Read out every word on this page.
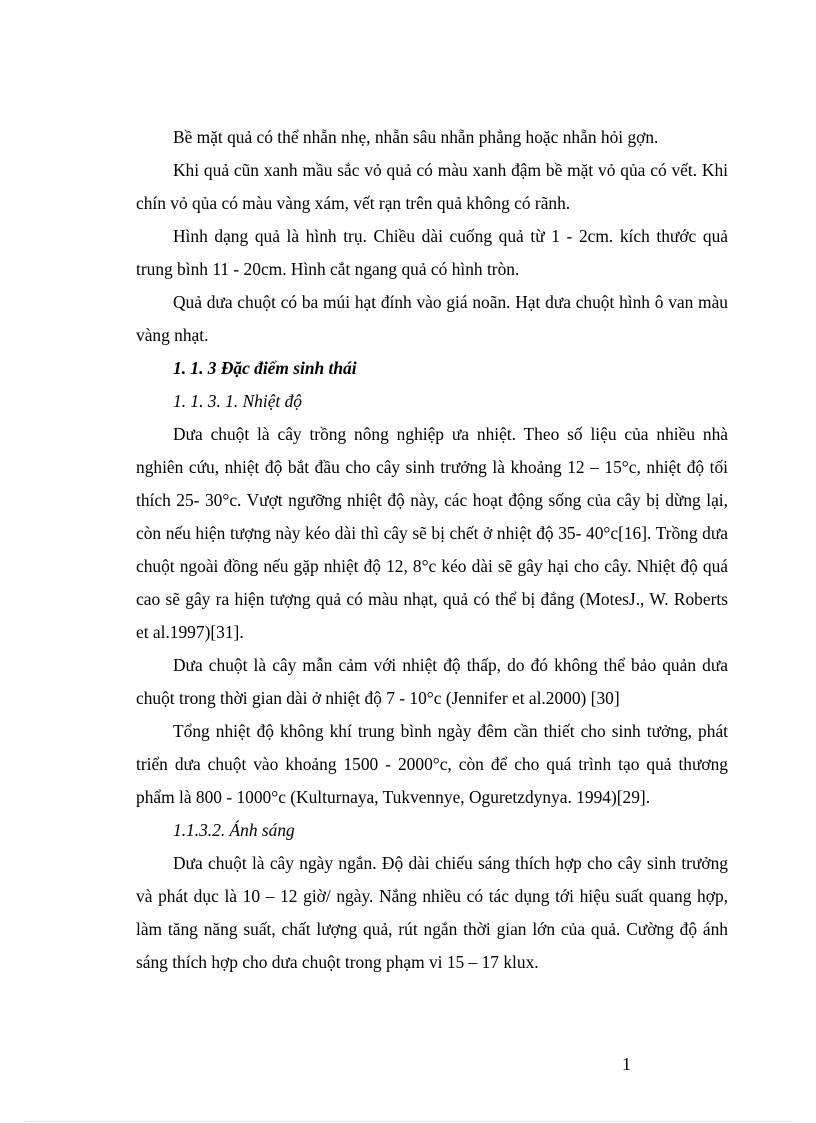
Bề mặt quả có thể nhẵn nhẹ, nhẵn sâu nhẵn phẳng hoặc nhẵn hỏi gợn.

Khi quả cũn xanh mầu sắc vỏ quả có màu xanh đậm bề mặt vỏ qủa có vết. Khi chín vỏ qủa có màu vàng xám, vết rạn trên quả không có rãnh.

Hình dạng quả là hình trụ. Chiều dài cuống quả từ 1 - 2cm. kích thước quả trung bình 11 - 20cm. Hình cắt ngang quả có hình tròn.

Quả dưa chuột có ba múi hạt đính vào giá noãn. Hạt dưa chuột hình ô van màu vàng nhạt.

1. 1. 3 Đặc điểm sinh thái

1. 1. 3. 1. Nhiệt độ

Dưa chuột là cây trồng nông nghiệp ưa nhiệt. Theo số liệu của nhiều nhà nghiên cứu, nhiệt độ bắt đầu cho cây sinh trưởng là khoảng 12 – 15°c, nhiệt độ tối thích 25- 30°c. Vượt ngưỡng nhiệt độ này, các hoạt động sống của cây bị dừng lại, còn nếu hiện tượng này kéo dài thì cây sẽ bị chết ở nhiệt độ 35- 40°c[16]. Trồng dưa chuột ngoài đồng nếu gặp nhiệt độ 12, 8°c kéo dài sẽ gây hại cho cây. Nhiệt độ quá cao sẽ gây ra hiện tượng quả có màu nhạt, quả có thể bị đắng (MotesJ., W. Roberts et al.1997)[31].

Dưa chuột là cây mẫn cảm với nhiệt độ thấp, do đó không thể bảo quản dưa chuột trong thời gian dài ở nhiệt độ 7 - 10°c (Jennifer et al.2000) [30]

Tổng nhiệt độ không khí trung bình ngày đêm cần thiết cho sinh tưởng, phát triển dưa chuột vào khoảng 1500 - 2000°c, còn để cho quá trình tạo quả thương phẩm là 800 - 1000°c (Kulturnaya, Tukvennye, Oguretzdynya. 1994)[29].

1.1.3.2. Ánh sáng

Dưa chuột là cây ngày ngắn. Độ dài chiếu sáng thích hợp cho cây sinh trưởng và phát dục là 10 – 12 giờ/ ngày. Nắng nhiều có tác dụng tới hiệu suất quang hợp, làm tăng năng suất, chất lượng quả, rút ngắn thời gian lớn của quả. Cường độ ánh sáng thích hợp cho dưa chuột trong phạm vi 15 – 17 klux.

1
